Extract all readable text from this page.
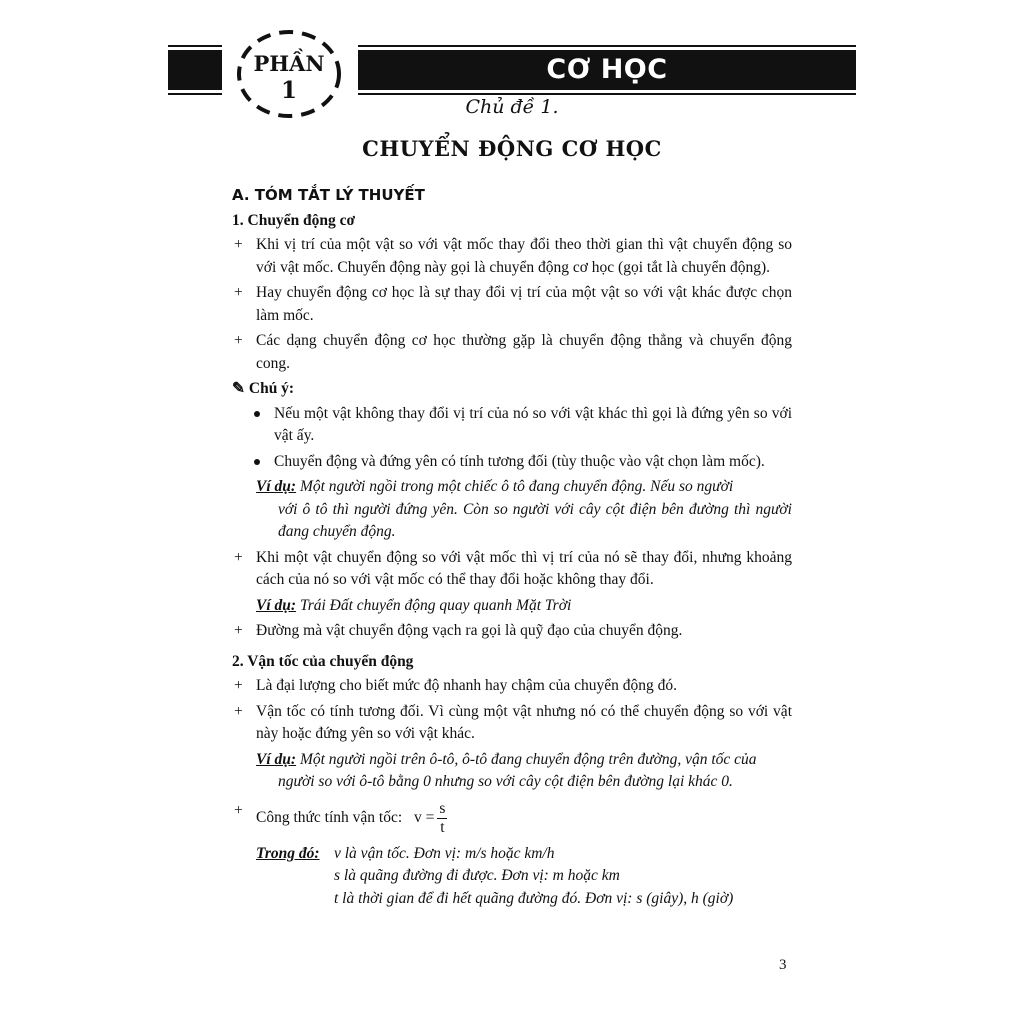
CƠ HỌC
PHẦN
1
Chủ đề 1.
CHUYỂN ĐỘNG CƠ HỌC
A. TÓM TẮT LÝ THUYẾT
1. Chuyển động cơ
+ Khi vị trí của một vật so với vật mốc thay đổi theo thời gian thì vật chuyển động so với vật mốc. Chuyển động này gọi là chuyển động cơ học (gọi tắt là chuyển động).
+ Hay chuyển động cơ học là sự thay đổi vị trí của một vật so với vật khác được chọn làm mốc.
+ Các dạng chuyển động cơ học thường gặp là chuyển động thẳng và chuyển động cong.
✎ Chú ý:
Nếu một vật không thay đổi vị trí của nó so với vật khác thì gọi là đứng yên so với vật ấy.
Chuyển động và đứng yên có tính tương đối (tùy thuộc vào vật chọn làm mốc).
Ví dụ: Một người ngồi trong một chiếc ô tô đang chuyển động. Nếu so người
với ô tô thì người đứng yên. Còn so người với cây cột điện bên đường thì người đang chuyển động.
+ Khi một vật chuyển động so với vật mốc thì vị trí của nó sẽ thay đổi, nhưng khoảng cách của nó so với vật mốc có thể thay đổi hoặc không thay đổi.
Ví dụ: Trái Đất chuyển động quay quanh Mặt Trời
+ Đường mà vật chuyển động vạch ra gọi là quỹ đạo của chuyển động.
2. Vận tốc của chuyển động
+ Là đại lượng cho biết mức độ nhanh hay chậm của chuyển động đó.
+ Vận tốc có tính tương đối. Vì cùng một vật nhưng nó có thể chuyển động so với vật này hoặc đứng yên so với vật khác.
Ví dụ: Một người ngồi trên ô-tô, ô-tô đang chuyển động trên đường, vận tốc của
người so với ô-tô bằng 0 nhưng so với cây cột điện bên đường lại khác 0.
+ Công thức tính vận tốc: $v = \frac{s}{t}$
Trong đó: v là vận tốc. Đơn vị: m/s hoặc km/h
s là quãng đường đi được. Đơn vị: m hoặc km
t là thời gian để đi hết quãng đường đó. Đơn vị: s (giây), h (giờ)
3
